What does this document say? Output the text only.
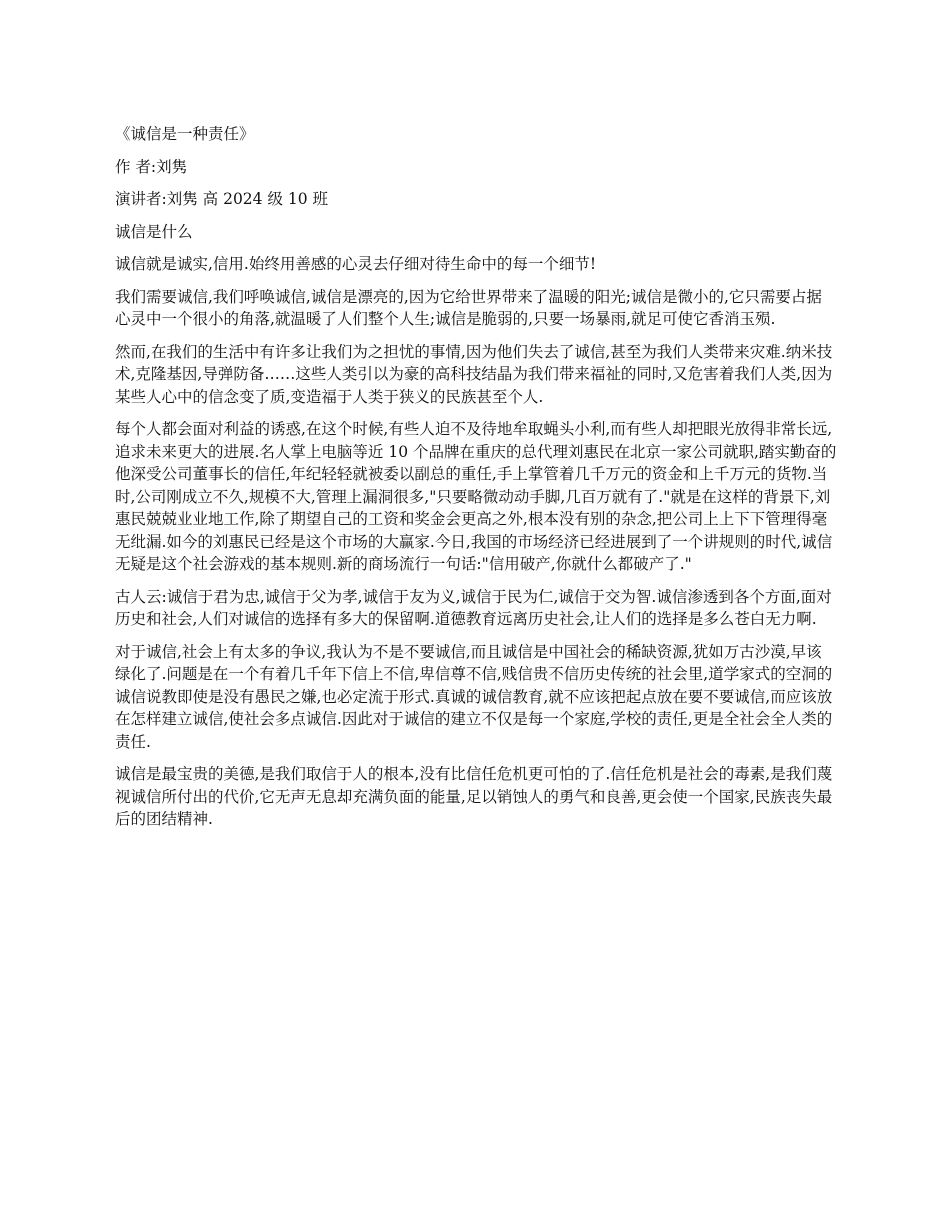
《诚信是一种责任》
作 者:刘隽
演讲者:刘隽 高 2024 级 10 班
诚信是什么

诚信就是诚实,信用.始终用善感的心灵去仔细对待生命中的每一个细节!

我们需要诚信,我们呼唤诚信,诚信是漂亮的,因为它给世界带来了温暖的阳光;诚信是微小的,它只需要占据心灵中一个很小的角落,就温暖了人们整个人生;诚信是脆弱的,只要一场暴雨,就足可使它香消玉殒.

然而,在我们的生活中有许多让我们为之担忧的事情,因为他们失去了诚信,甚至为我们人类带来灾难.纳米技术,克隆基因,导弹防备……这些人类引以为豪的高科技结晶为我们带来福祉的同时,又危害着我们人类,因为某些人心中的信念变了质,变造福于人类于狭义的民族甚至个人.

每个人都会面对利益的诱惑,在这个时候,有些人迫不及待地牟取蝇头小利,而有些人却把眼光放得非常长远,追求未来更大的进展.名人掌上电脑等近 10 个品牌在重庆的总代理刘惠民在北京一家公司就职,踏实勤奋的他深受公司董事长的信任,年纪轻轻就被委以副总的重任,手上掌管着几千万元的资金和上千万元的货物.当时,公司刚成立不久,规模不大,管理上漏洞很多,"只要略微动动手脚,几百万就有了."就是在这样的背景下,刘惠民兢兢业业地工作,除了期望自己的工资和奖金会更高之外,根本没有别的杂念,把公司上上下下管理得毫无纰漏.如今的刘惠民已经是这个市场的大赢家.今日,我国的市场经济已经进展到了一个讲规则的时代,诚信无疑是这个社会游戏的基本规则.新的商场流行一句话:"信用破产,你就什么都破产了."

古人云:诚信于君为忠,诚信于父为孝,诚信于友为义,诚信于民为仁,诚信于交为智.诚信渗透到各个方面,面对历史和社会,人们对诚信的选择有多大的保留啊.道德教育远离历史社会,让人们的选择是多么苍白无力啊.

对于诚信,社会上有太多的争议,我认为不是不要诚信,而且诚信是中国社会的稀缺资源,犹如万古沙漠,早该绿化了.问题是在一个有着几千年下信上不信,卑信尊不信,贱信贵不信历史传统的社会里,道学家式的空洞的诚信说教即使是没有愚民之嫌,也必定流于形式.真诚的诚信教育,就不应该把起点放在要不要诚信,而应该放在怎样建立诚信,使社会多点诚信.因此对于诚信的建立不仅是每一个家庭,学校的责任,更是全社会全人类的责任.

诚信是最宝贵的美德,是我们取信于人的根本,没有比信任危机更可怕的了.信任危机是社会的毒素,是我们蔑视诚信所付出的代价,它无声无息却充满负面的能量,足以销蚀人的勇气和良善,更会使一个国家,民族丧失最后的团结精神.
